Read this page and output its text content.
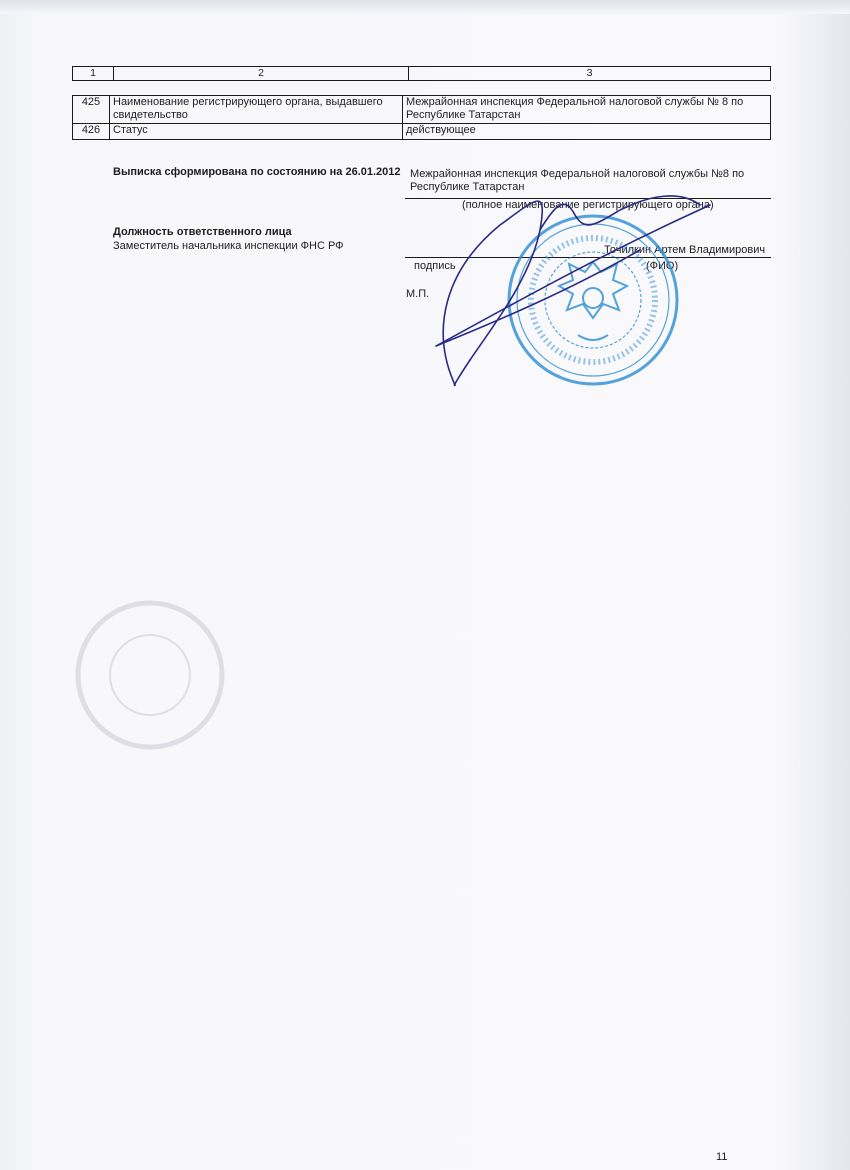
1	2	3
425	Наименование регистрирующего органа, выдавшего свидетельство	Межрайонная инспекция Федеральной налоговой службы № 8 по Республике Татарстан
426	Статус	действующее
Выписка сформирована по состоянию на 26.01.2012 Межрайонная инспекция Федеральной налоговой службы №8 по Республике Татарстан
(полное наименование регистрирующего органа)
Должность ответственного лица
Заместитель начальника инспекции ФНС РФ	Точилкин Артем Владимирович
подпись	(ФИО)
М.П.
11
